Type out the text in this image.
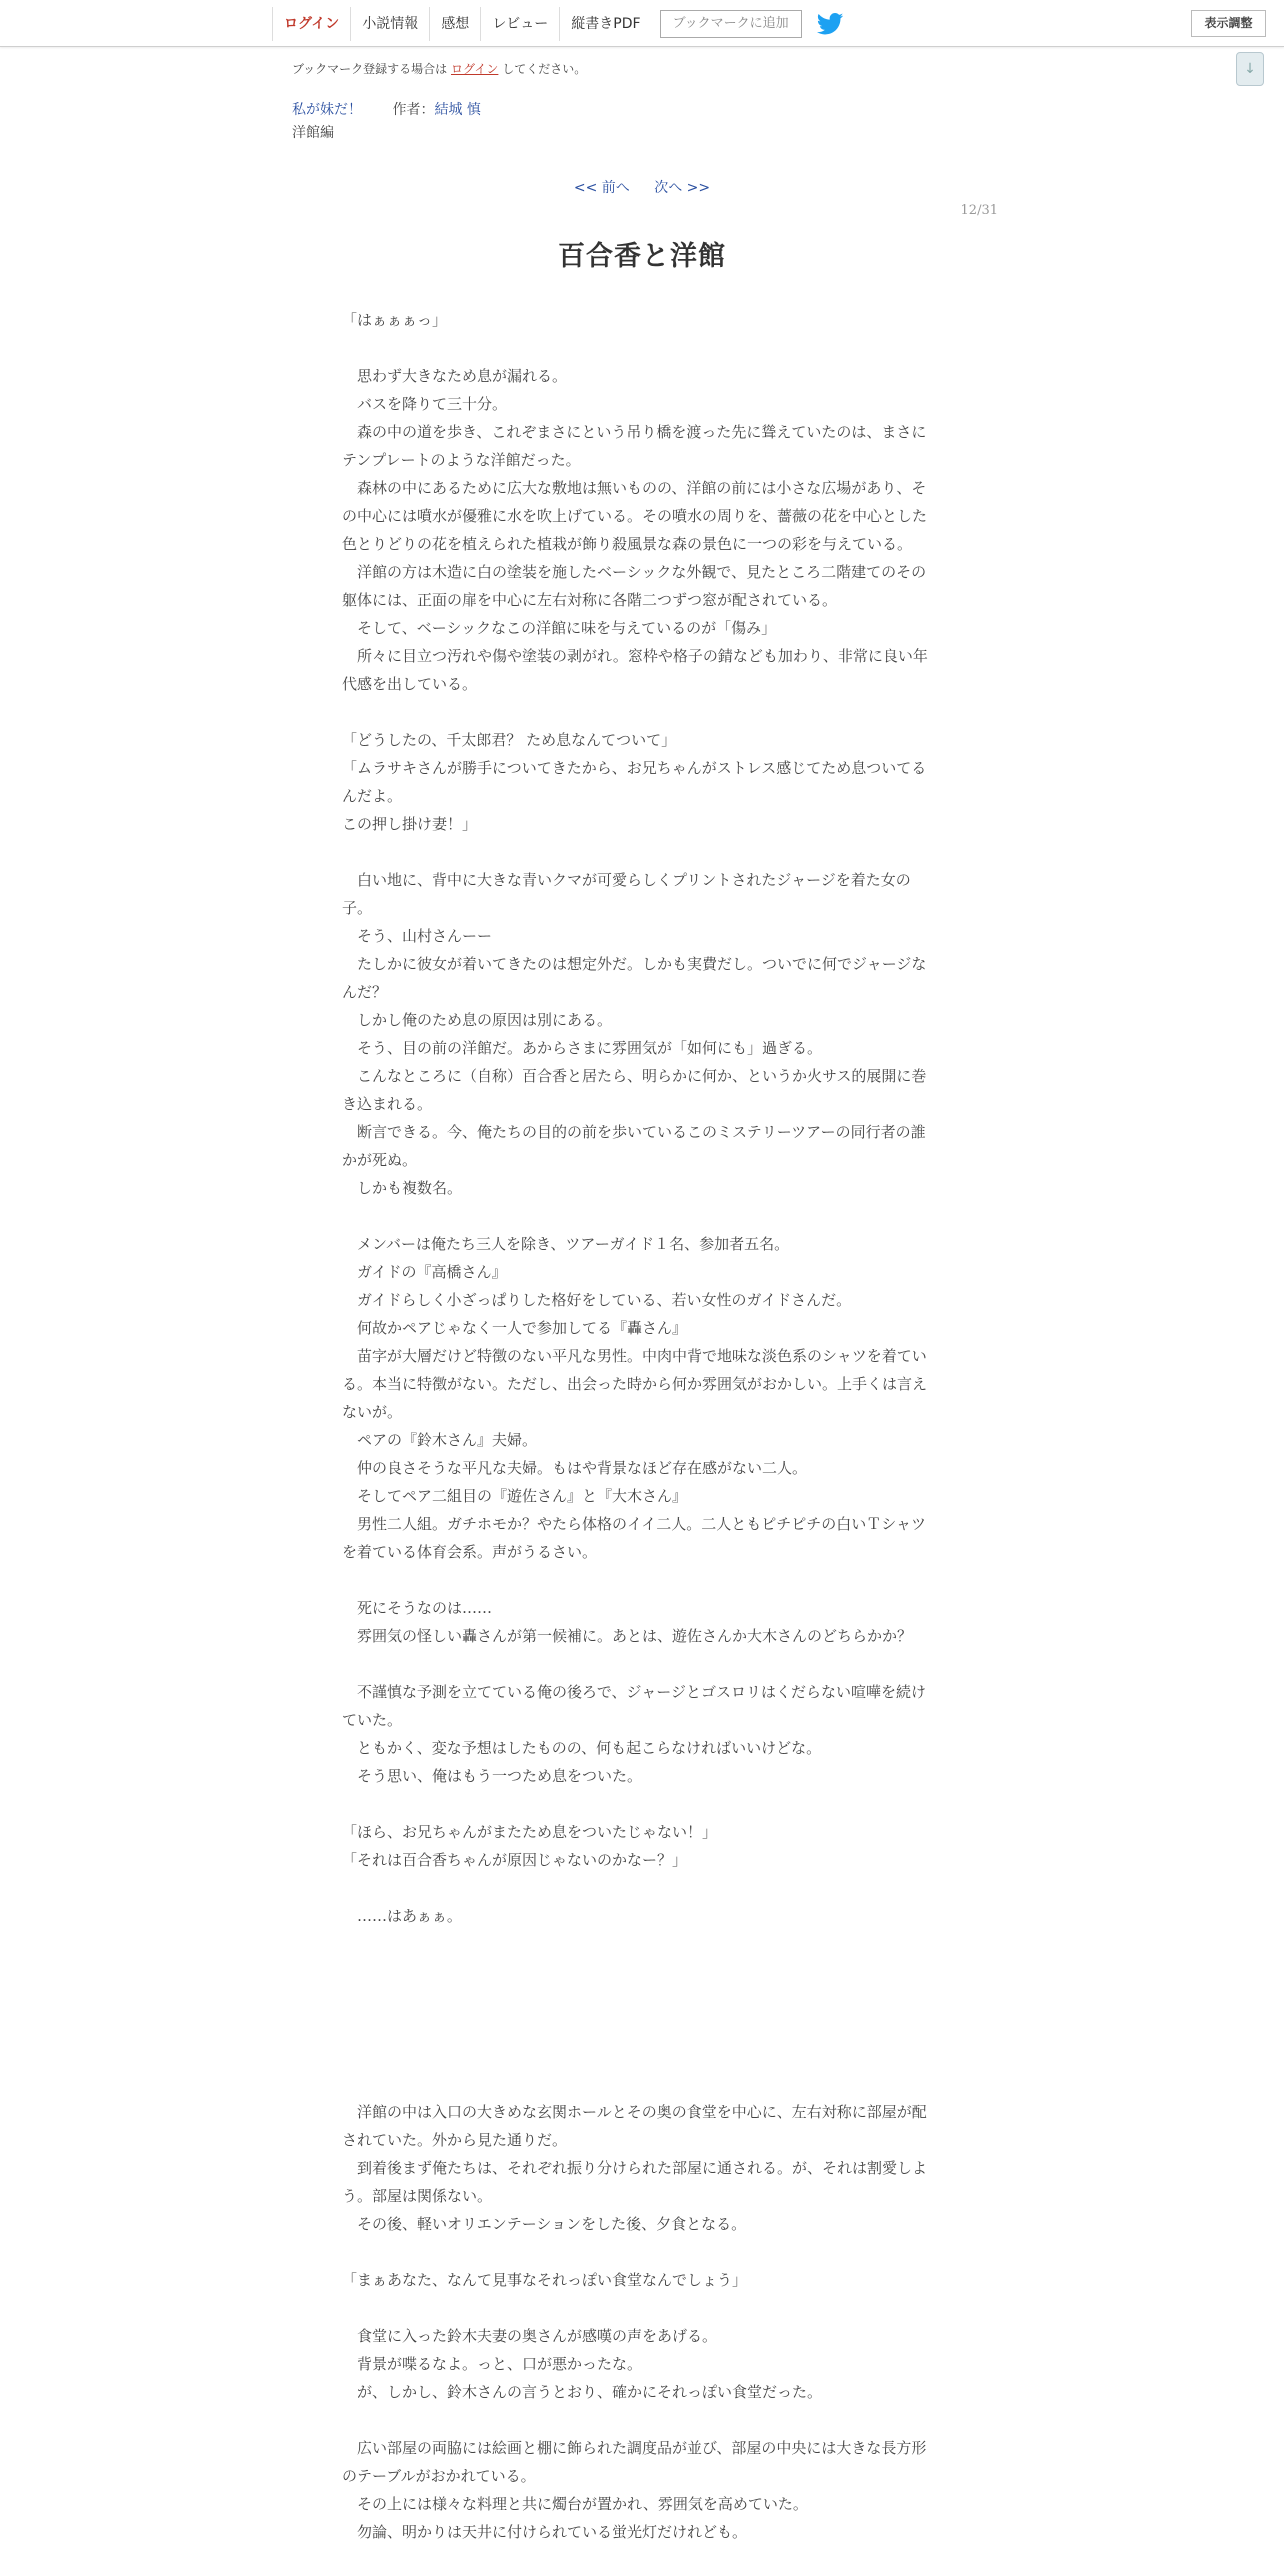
ログイン	小説情報	感想	レビュー	縦書きPDF	ブックマークに追加	表示調整
↓
ブックマーク登録する場合は ログイン してください。
私が妹だ！ 作者：結城 慎
洋館編
<< 前へ 次へ >>
12/31
百合香と洋館

「はぁぁぁっ」

　思わず大きなため息が漏れる。

　バスを降りて三十分。

　森の中の道を歩き、これぞまさにという吊り橋を渡った先に聳えていたのは、まさにテンプレートのような洋館だった。

　森林の中にあるために広大な敷地は無いものの、洋館の前には小さな広場があり、その中心には噴水が優雅に水を吹上げている。その噴水の周りを、薔薇の花を中心とした色とりどりの花を植えられた植栽が飾り殺風景な森の景色に一つの彩を与えている。

　洋館の方は木造に白の塗装を施したベーシックな外観で、見たところ二階建てのその躯体には、正面の扉を中心に左右対称に各階二つずつ窓が配されている。

　そして、ベーシックなこの洋館に味を与えているのが「傷み」

　所々に目立つ汚れや傷や塗装の剥がれ。窓枠や格子の錆なども加わり、非常に良い年代感を出している。

「どうしたの、千太郎君？ ため息なんてついて」

「ムラサキさんが勝手についてきたから、お兄ちゃんがストレス感じてため息ついてるんだよ。

この押し掛け妻！」

　白い地に、背中に大きな青いクマが可愛らしくプリントされたジャージを着た女の子。

　そう、山村さんーー

　たしかに彼女が着いてきたのは想定外だ。しかも実費だし。ついでに何でジャージなんだ？

　しかし俺のため息の原因は別にある。

　そう、目の前の洋館だ。あからさまに雰囲気が「如何にも」過ぎる。

　こんなところに（自称）百合香と居たら、明らかに何か、というか火サス的展開に巻き込まれる。

　断言できる。今、俺たちの目的の前を歩いているこのミステリーツアーの同行者の誰かが死ぬ。

　しかも複数名。

　メンバーは俺たち三人を除き、ツアーガイド１名、参加者五名。

　ガイドの『高橋さん』

　ガイドらしく小ざっぱりした格好をしている、若い女性のガイドさんだ。

　何故かペアじゃなく一人で参加してる『轟さん』

　苗字が大層だけど特徴のない平凡な男性。中肉中背で地味な淡色系のシャツを着ている。本当に特徴がない。ただし、出会った時から何か雰囲気がおかしい。上手くは言えないが。

　ペアの『鈴木さん』夫婦。

　仲の良さそうな平凡な夫婦。もはや背景なほど存在感がない二人。

　そしてペア二組目の『遊佐さん』と『大木さん』

　男性二人組。ガチホモか？やたら体格のイイ二人。二人ともピチピチの白いＴシャツを着ている体育会系。声がうるさい。

　死にそうなのは……

　雰囲気の怪しい轟さんが第一候補に。あとは、遊佐さんか大木さんのどちらかか？

　不謹慎な予測を立てている俺の後ろで、ジャージとゴスロリはくだらない喧嘩を続けていた。

　ともかく、変な予想はしたものの、何も起こらなければいいけどな。

　そう思い、俺はもう一つため息をついた。

「ほら、お兄ちゃんがまたため息をついたじゃない！」

「それは百合香ちゃんが原因じゃないのかなー？」

　……はあぁぁ。

　洋館の中は入口の大きめな玄関ホールとその奥の食堂を中心に、左右対称に部屋が配されていた。外から見た通りだ。

　到着後まず俺たちは、それぞれ振り分けられた部屋に通される。が、それは割愛しよう。部屋は関係ない。

　その後、軽いオリエンテーションをした後、夕食となる。

「まぁあなた、なんて見事なそれっぽい食堂なんでしょう」

　食堂に入った鈴木夫妻の奥さんが感嘆の声をあげる。

　背景が喋るなよ。っと、口が悪かったな。

　が、しかし、鈴木さんの言うとおり、確かにそれっぽい食堂だった。

　広い部屋の両脇には絵画と棚に飾られた調度品が並び、部屋の中央には大きな長方形のテーブルがおかれている。

　その上には様々な料理と共に燭台が置かれ、雰囲気を高めていた。

　勿論、明かりは天井に付けられている蛍光灯だけれども。
